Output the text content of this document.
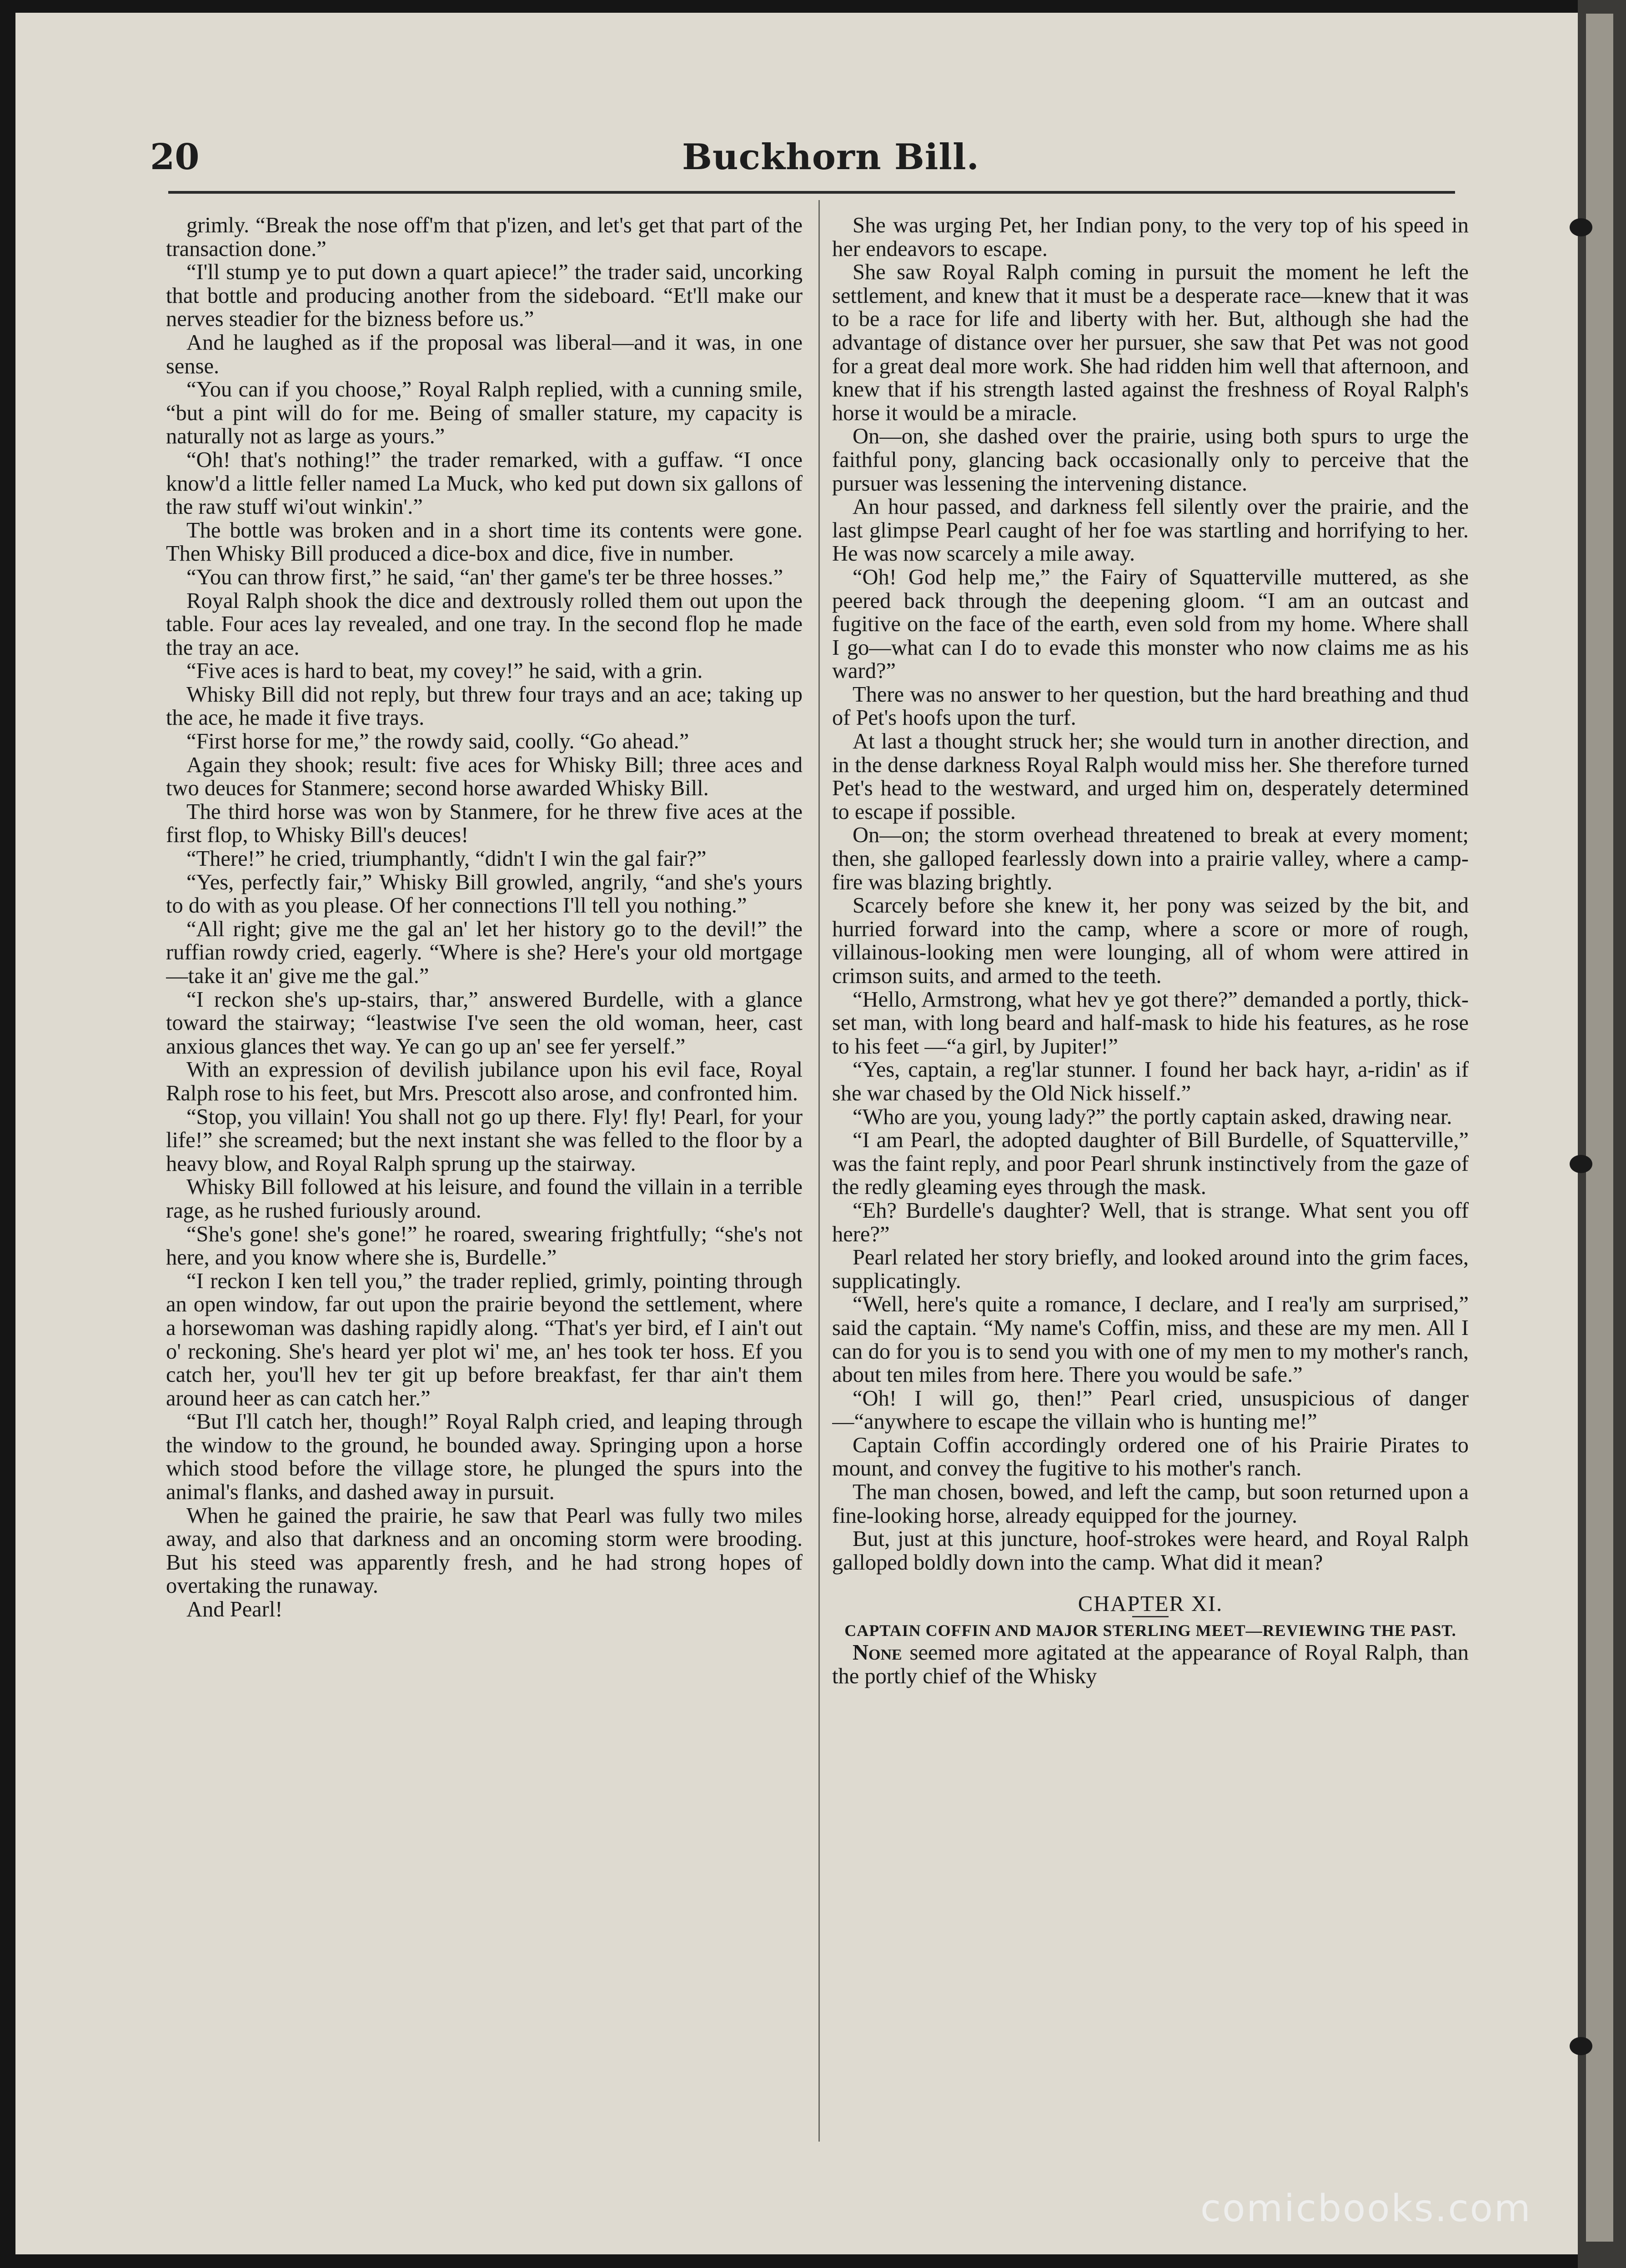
20	Buckhorn Bill.

grimly. “Break the nose off'm that p'izen, and let's get that part of the transaction done.”

“I'll stump ye to put down a quart apiece!” the trader said, uncorking that bottle and producing another from the sideboard. “Et'll make our nerves steadier for the bizness before us.”

And he laughed as if the proposal was liberal—and it was, in one sense.

“You can if you choose,” Royal Ralph replied, with a cunning smile, “but a pint will do for me. Being of smaller stature, my capacity is naturally not as large as yours.”

“Oh! that's nothing!” the trader remarked, with a guffaw. “I once know'd a little feller named La Muck, who ked put down six gallons of the raw stuff wi'out winkin'.”

The bottle was broken and in a short time its contents were gone. Then Whisky Bill produced a dice-box and dice, five in number.

“You can throw first,” he said, “an' ther game's ter be three hosses.”

Royal Ralph shook the dice and dextrously rolled them out upon the table. Four aces lay revealed, and one tray. In the second flop he made the tray an ace.

“Five aces is hard to beat, my covey!” he said, with a grin.

Whisky Bill did not reply, but threw four trays and an ace; taking up the ace, he made it five trays.

“First horse for me,” the rowdy said, coolly. “Go ahead.”

Again they shook; result: five aces for Whisky Bill; three aces and two deuces for Stanmere; second horse awarded Whisky Bill.

The third horse was won by Stanmere, for he threw five aces at the first flop, to Whisky Bill's deuces!

“There!” he cried, triumphantly, “didn't I win the gal fair?”

“Yes, perfectly fair,” Whisky Bill growled, angrily, “and she's yours to do with as you please. Of her connections I'll tell you nothing.”

“All right; give me the gal an' let her history go to the devil!” the ruffian rowdy cried, eagerly. “Where is she? Here's your old mortgage—take it an' give me the gal.”

“I reckon she's up-stairs, thar,” answered Burdelle, with a glance toward the stairway; “leastwise I've seen the old woman, heer, cast anxious glances thet way. Ye can go up an' see fer yerself.”

With an expression of devilish jubilance upon his evil face, Royal Ralph rose to his feet, but Mrs. Prescott also arose, and confronted him.

“Stop, you villain! You shall not go up there. Fly! fly! Pearl, for your life!” she screamed; but the next instant she was felled to the floor by a heavy blow, and Royal Ralph sprung up the stairway.

Whisky Bill followed at his leisure, and found the villain in a terrible rage, as he rushed furiously around.

“She's gone! she's gone!” he roared, swearing frightfully; “she's not here, and you know where she is, Burdelle.”

“I reckon I ken tell you,” the trader replied, grimly, pointing through an open window, far out upon the prairie beyond the settlement, where a horsewoman was dashing rapidly along. “That's yer bird, ef I ain't out o' reckoning. She's heard yer plot wi' me, an' hes took ter hoss. Ef you catch her, you'll hev ter git up before breakfast, fer thar ain't them around heer as can catch her.”

“But I'll catch her, though!” Royal Ralph cried, and leaping through the window to the ground, he bounded away. Springing upon a horse which stood before the village store, he plunged the spurs into the animal's flanks, and dashed away in pursuit.

When he gained the prairie, he saw that Pearl was fully two miles away, and also that darkness and an oncoming storm were brooding. But his steed was apparently fresh, and he had strong hopes of overtaking the runaway.

And Pearl!

She was urging Pet, her Indian pony, to the very top of his speed in her endeavors to escape.

She saw Royal Ralph coming in pursuit the moment he left the settlement, and knew that it must be a desperate race—knew that it was to be a race for life and liberty with her. But, although she had the advantage of distance over her pursuer, she saw that Pet was not good for a great deal more work. She had ridden him well that afternoon, and knew that if his strength lasted against the freshness of Royal Ralph's horse it would be a miracle.

On—on, she dashed over the prairie, using both spurs to urge the faithful pony, glancing back occasionally only to perceive that the pursuer was lessening the intervening distance.

An hour passed, and darkness fell silently over the prairie, and the last glimpse Pearl caught of her foe was startling and horrifying to her. He was now scarcely a mile away.

“Oh! God help me,” the Fairy of Squatterville muttered, as she peered back through the deepening gloom. “I am an outcast and fugitive on the face of the earth, even sold from my home. Where shall I go—what can I do to evade this monster who now claims me as his ward?”

There was no answer to her question, but the hard breathing and thud of Pet's hoofs upon the turf.

At last a thought struck her; she would turn in another direction, and in the dense darkness Royal Ralph would miss her. She therefore turned Pet's head to the westward, and urged him on, desperately determined to escape if possible.

On—on; the storm overhead threatened to break at every moment; then, she galloped fearlessly down into a prairie valley, where a camp-fire was blazing brightly.

Scarcely before she knew it, her pony was seized by the bit, and hurried forward into the camp, where a score or more of rough, villainous-looking men were lounging, all of whom were attired in crimson suits, and armed to the teeth.

“Hello, Armstrong, what hev ye got there?” demanded a portly, thick-set man, with long beard and half-mask to hide his features, as he rose to his feet —“a girl, by Jupiter!”

“Yes, captain, a reg'lar stunner. I found her back hayr, a-ridin' as if she war chased by the Old Nick hisself.”

“Who are you, young lady?” the portly captain asked, drawing near.

“I am Pearl, the adopted daughter of Bill Burdelle, of Squatterville,” was the faint reply, and poor Pearl shrunk instinctively from the gaze of the redly gleaming eyes through the mask.

“Eh? Burdelle's daughter? Well, that is strange. What sent you off here?”

Pearl related her story briefly, and looked around into the grim faces, supplicatingly.

“Well, here's quite a romance, I declare, and I rea'ly am surprised,” said the captain. “My name's Coffin, miss, and these are my men. All I can do for you is to send you with one of my men to my mother's ranch, about ten miles from here. There you would be safe.”

“Oh! I will go, then!” Pearl cried, unsuspicious of danger—“anywhere to escape the villain who is hunting me!”

Captain Coffin accordingly ordered one of his Prairie Pirates to mount, and convey the fugitive to his mother's ranch.

The man chosen, bowed, and left the camp, but soon returned upon a fine-looking horse, already equipped for the journey.

But, just at this juncture, hoof-strokes were heard, and Royal Ralph galloped boldly down into the camp. What did it mean?

CHAPTER XI.

CAPTAIN COFFIN AND MAJOR STERLING MEET—REVIEWING THE PAST.

None seemed more agitated at the appearance of Royal Ralph, than the portly chief of the Whisky

comicbooks.com
